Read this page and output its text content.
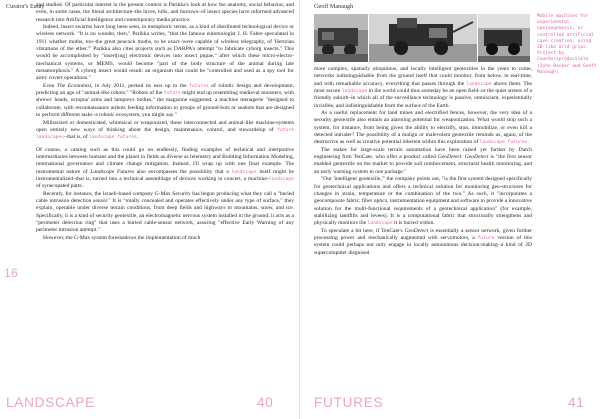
Curator's Essay
16

and studied. Of particular interest in the present context is Parikka's look at how the anatomy, social behavior, and even, in some cases, the literal architecture–the hives, hills, and burrows–of insect species have informed advanced research into Artificial Intelligence and contemporary media practice.

Indeed, insect swarms have long been seen, in metaphoric terms, as a kind of distributed technological device or wireless network. "It is no wonder, then," Parikka writes, "that the famous entomologist J. H. Fabre speculated in 1911 whether moths, too–the great peacock moths, to be exact–were capable of wireless telegraphy, of 'Hertzian vibrations of the ether.'" Parikka also cites projects such as DARPA's attempt "to fabricate cyborg insects." This would be accomplished by "insert[ing] electronic devices into insect pupae," after which these micro-electro-mechanical systems, or MEMS, would become "part of the body structure of the animal during late metamorphosis." A cyborg insect would result: an organism that could be "controlled and used as a spy tool for army covert operations."

Even The Economist, in July 2011, perked its ears up to the futures of robotic design and development, predicting an age of "animal-like robots." "Robots of the future might end up resembling medieval monsters, with shrews' heads, octopus' arms and lampreys bodies," the magazine suggested, a machine menagerie "designed to collaborate, with reconnaissance airbots feeding information to groups of ground-bots or seabots that are designed to perform different tasks–a robotic ecosystem, you might say."

Militarized or domesticated, whimsical or weaponized, these interconnected and animal-like machine-systems open entirely new ways of thinking about the design, maintenance, control, and stewardship of future landscapes–that is, of landscape futures.

Of course, a catalog such as this could go on endlessly, finding examples of technical and interpretive intermediaries between humans and the planet in fields as diverse as telemetry and Building Information Modeling, international governance and climate change mitigation. Instead, I'll wrap up with one final example. The instrumental nature of Landscape Futures also encompasses the possibility that a landscape itself might be instrumentalized–that is, turned into a technical assemblage of devices working in concert, a machine-landscape of synecopated parts.

Recently, for instance, the Israeli-based company G-Max Security has begun producing what they call a "buried cable intrusion detection sensor." It is "totally concealed and operates effectively under any type of surface," they explain, operable under diverse terrain conditions, from deep fields and highways to mountains, snow, and ice. Specifically, it is a kind of security geotextile, an electromagnetic nervous system installed in the ground; it acts as a "perimeter detection ring" that uses a buried cable-sensor network, assuring "effective Early Warning of any perimeter intrusion attempt."

However, the G-Max system foreshadows the implementation of much

LANDSCAPE	40
Geoff Manaugh
Mobile machines for experimental speleogenesis, or controlled artificial cave creation, using 3D-like arid grips. Project by Countersproductikle (John Becker and Geoff Manaugh).

more complex, spatially ubiquitous, and locally intelligent geotextiles in the years to come, networks indistinguishable from the ground itself that could monitor, from below, in real-time, and with remarkable accuracy, everything that passes through the landscape above them. The most secure landscape in the world could thus someday be an open field–or the quiet streets of a friendly suburb–in which all of the surveillance technology is passive, omniscient, experientially invisible, and indistinguishable from the surface of the Earth.

As a useful replacement for land mines and electrified fences, however, the very idea of a security geotextile also entails an alarming potential for weaponization. What would stop such a system, for instance, from being given the ability to electrify, stun, immobilize, or even kill a detected intruder? The possibility of a malign or malevolent geotextile reminds us, again, of the destructive as well as creative potential inherent within this exploration of landscape futures.

The stakes for large-scale terrain automation have been raised yet further by Dutch engineering firm TenCate, who offer a product called GeoDetect. GeoDetect is "the first sensor enabled geotextile on the market to provide soil reinforcement, structural health monitoring, and an early warning system in one package."

"Our 'intelligent geotextile,'" the company points out, "is the first system designed specifically for geotechnical applications and offers a technical solution for monitoring geo-structures for changes in strain, temperature or the combination of the two." As such, it "incorporates a geocomposite fabric, fiber optics, instrumentation equipment and software to provide a innovative solution for the multi-functional requirements of a geotechnical application" (for example, stabilizing landfills and levees). It is a computational fabric that structurally strengthens and physically monitors the landscape it is buried within.

To speculate a bit here, if TenCate's GeoDetect is essentially a sensor network, given further processing power and mechanically augmented with servomotors, a future version of this system could perhaps not only engage in locally autonomous decision-making–a kind of 2D supercomputer disguised

FUTURES	41
